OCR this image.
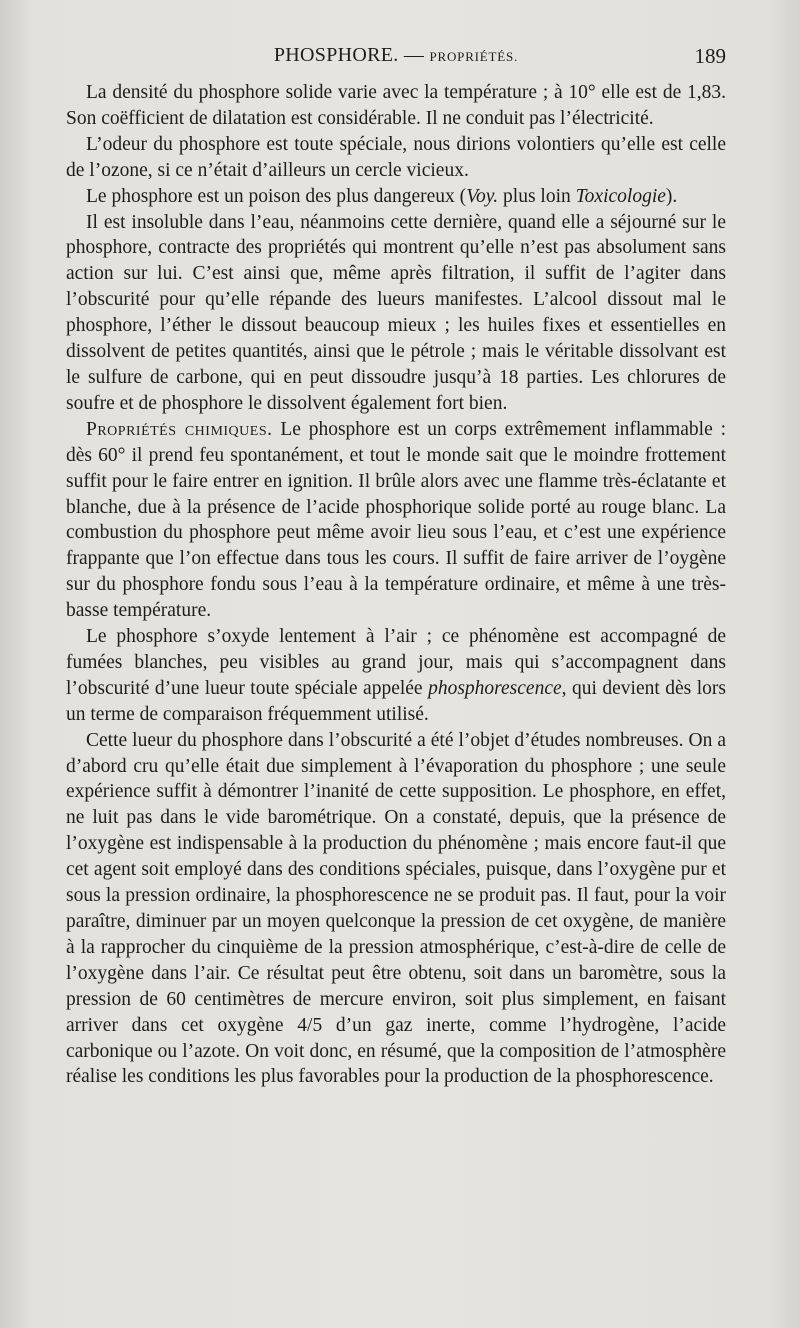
PHOSPHORE. — PROPRIÉTÉS.	189

La densité du phosphore solide varie avec la température ; à 10° elle est de 1,83. Son coëfficient de dilatation est considérable. Il ne conduit pas l’électricité.

L’odeur du phosphore est toute spéciale, nous dirions volontiers qu’elle est celle de l’ozone, si ce n’était d’ailleurs un cercle vicieux.

Le phosphore est un poison des plus dangereux (Voy. plus loin Toxicologie).

Il est insoluble dans l’eau, néanmoins cette dernière, quand elle a séjourné sur le phosphore, contracte des propriétés qui montrent qu’elle n’est pas absolument sans action sur lui. C’est ainsi que, même après filtration, il suffit de l’agiter dans l’obscurité pour qu’elle répande des lueurs manifestes. L’alcool dissout mal le phosphore, l’éther le dissout beaucoup mieux ; les huiles fixes et essentielles en dissolvent de petites quantités, ainsi que le pétrole ; mais le véritable dissolvant est le sulfure de carbone, qui en peut dissoudre jusqu’à 18 parties. Les chlorures de soufre et de phosphore le dissolvent également fort bien.

Propriétés chimiques. Le phosphore est un corps extrêmement inflammable : dès 60° il prend feu spontanément, et tout le monde sait que le moindre frottement suffit pour le faire entrer en ignition. Il brûle alors avec une flamme très-éclatante et blanche, due à la présence de l’acide phosphorique solide porté au rouge blanc. La combustion du phosphore peut même avoir lieu sous l’eau, et c’est une expérience frappante que l’on effectue dans tous les cours. Il suffit de faire arriver de l’oygène sur du phosphore fondu sous l’eau à la température ordinaire, et même à une très-basse température.

Le phosphore s’oxyde lentement à l’air ; ce phénomène est accompagné de fumées blanches, peu visibles au grand jour, mais qui s’accompagnent dans l’obscurité d’une lueur toute spéciale appelée phosphorescence, qui devient dès lors un terme de comparaison fréquemment utilisé.

Cette lueur du phosphore dans l’obscurité a été l’objet d’études nombreuses. On a d’abord cru qu’elle était due simplement à l’évaporation du phosphore ; une seule expérience suffit à démontrer l’inanité de cette supposition. Le phosphore, en effet, ne luit pas dans le vide barométrique. On a constaté, depuis, que la présence de l’oxygène est indispensable à la production du phénomène ; mais encore faut-il que cet agent soit employé dans des conditions spéciales, puisque, dans l’oxygène pur et sous la pression ordinaire, la phosphorescence ne se produit pas. Il faut, pour la voir paraître, diminuer par un moyen quelconque la pression de cet oxygène, de manière à la rapprocher du cinquième de la pression atmosphérique, c’est-à-dire de celle de l’oxygène dans l’air. Ce résultat peut être obtenu, soit dans un baromètre, sous la pression de 60 centimètres de mercure environ, soit plus simplement, en faisant arriver dans cet oxygène 4/5 d’un gaz inerte, comme l’hydrogène, l’acide carbonique ou l’azote. On voit donc, en résumé, que la composition de l’atmosphère réalise les conditions les plus favorables pour la production de la phosphorescence.
